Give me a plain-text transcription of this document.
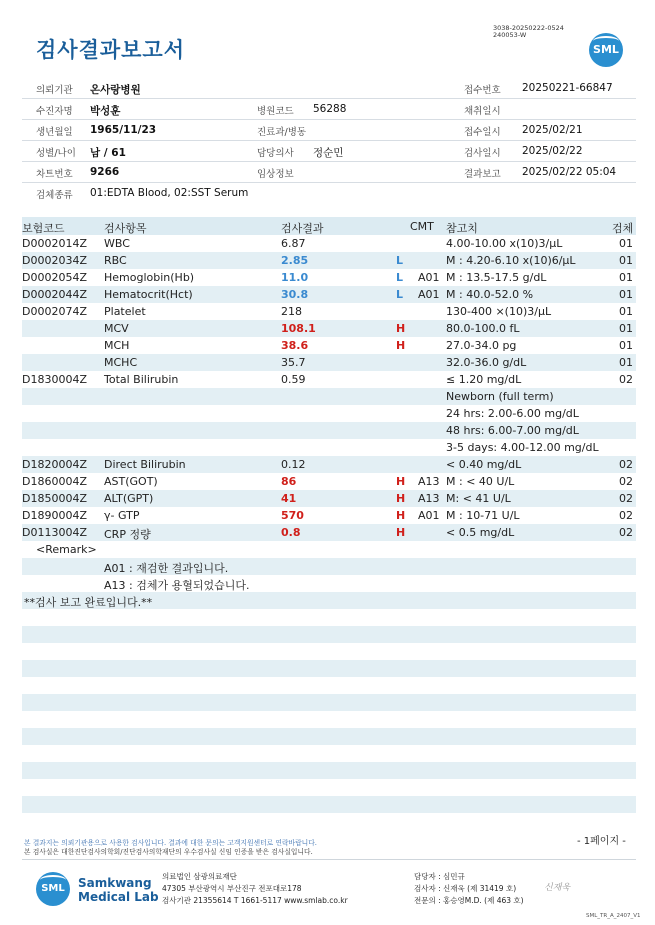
검사결과보고서
3038-20250222-0524
240053-W
SML
의뢰기관 온사랑병원	접수번호 20250221-66847
수진자명 박성훈	병원코드 56288	채취일시
생년월일 1965/11/23	진료과/병동	접수일시 2025/02/21
성별/나이 남 / 61	담당의사 정순민	검사일시 2025/02/22
차트번호 9266	임상정보	결과보고 2025/02/22 05:04
검체종류 01:EDTA Blood, 02:SST Serum
보험코드	검사항목	검사결과	CMT 참고치	검체
D0002014Z WBC	6.87	4.00-10.00 x(10)3/μL	01
D0002034Z RBC	2.85	L	M : 4.20-6.10 x(10)6/μL	01
D0002054Z Hemoglobin(Hb)	11.0	L A01 M : 13.5-17.5 g/dL	01
D0002044Z Hematocrit(Hct)	30.8	L A01 M : 40.0-52.0 %	01
D0002074Z Platelet	218	130-400 ×(10)3/μL	01
MCV	108.1	H	80.0-100.0 fL	01
MCH	38.6	H	27.0-34.0 pg	01
MCHC	35.7	32.0-36.0 g/dL	01
D1830004Z Total Bilirubin	0.59	≤ 1.20 mg/dL	02
Newborn (full term)
24 hrs: 2.00-6.00 mg/dL
48 hrs: 6.00-7.00 mg/dL
3-5 days: 4.00-12.00 mg/dL
D1820004Z Direct Bilirubin	0.12	< 0.40 mg/dL	02
D1860004Z AST(GOT)	86	H A13 M : < 40 U/L	02
D1850004Z ALT(GPT)	41	H A13 M: < 41 U/L	02
D1890004Z γ- GTP	570	H A01 M : 10-71 U/L	02
D0113004Z CRP 정량	0.8	H	< 0.5 mg/dL	02
<Remark>
A01 : 재검한 결과입니다.
A13 : 검체가 용혈되었습니다.
**검사 보고 완료입니다.**
- 1페이지 -
본 결과지는 의뢰기관용으로 사용한 검사입니다. 결과에 대한 문의는 고객지원센터로 연락바랍니다.
본 검사실은 대한진단검사의학회/진단검사의학재단의 우수검사실 신임 인증을 받은 검사실입니다.
SML	Samkwang
Medical Lab
의료법인 삼광의료재단
47305 부산광역시 부산진구 전포대로178
검사기관 21355614 T 1661-5117 www.smlab.co.kr
담당자 : 심민규
검사자 : 신재욱 (제 31419 호)
전문의 : 홍승영M.D. (제 463 호)
신재욱
SML_TR_A_2407_V1
